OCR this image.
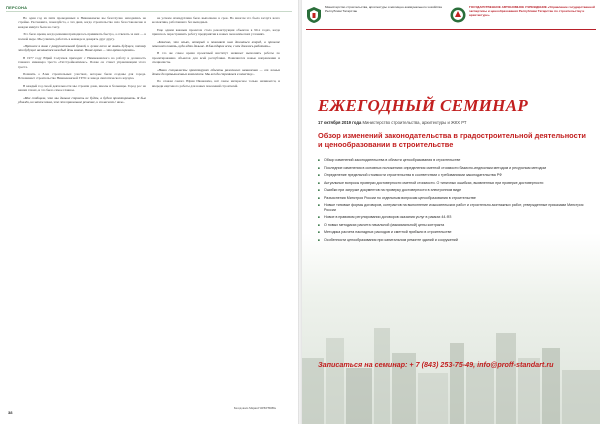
ПЕРСОНА

Но один год из пяти проведенных в Нижнекамске вы безотлучно находились на стройке. Расскажите, пожалуйста, о тех днях, когда строительство шло безостановочно и каждая минута была на счету.

Это было время, когда решения приходилось принимать быстро, а отвечать за них — в полной мере. Мы учились работать в команде и доверять друг другу.

«Прошлое я знаю с разрушительной буквой, и лучше всего не знать будущее, потому что будущее начинается каждый день заново. Наше время — это время перемен».

В 1977 году Юрий Солунчев приходит с Нижнекамского на работу в должность главного инженера треста «Татстройкомплекс». Позже он станет управляющим этого треста.

Помнить о 8-ми строительных участках, которые были созданы для города. Вспоминает строительство Нижнекамской ГРЭС и завода синтетического каучука.

В каждый год своей деятельности мы строили дома, школы и больницы. Город рос на наших глазах, и это было самое главное.

«Мне сообщили, что мы дальше строить не будем, а будем проектировать. Я был удивлён, но затем понял, что это правильное решение, и согласился с ним».

не успеем Ахмадуллина было выполнено в срок. Во многом это была заслуга всего коллектива, работавшего без выходных.

Еще одним важным проектом стала реконструкция объектов в 90-х годах, когда пришлось перестраивать работу предприятия в новых экономических условиях.

«Конечно, это опыт, который и позволяет нам двигаться вперед, а прошлое помогает понять, куда идти дальше. Я благодарен всем, с кем довелось работать».

В это же самое время проектный институт начинает выполнять работы по проектированию объектов для всей республики. Появляются новые направления и специалисты.

«Наши специалисты проектируют объекты различного назначения — от жилых домов до промышленных комплексов. Мы всегда стремимся к качеству».

По словам самого Юрия Ивановича, всё самое интересное только начинается, и впереди ещё много работы для новых поколений строителей.

Беседовала Мария ГОРБУНОВА
38
Министерство строительства, архитектуры и жилищно-коммунального хозяйства Республики Татарстан
ГОСУДАРСТВЕННОЕ АВТОНОМНОЕ УЧРЕЖДЕНИЕ «Управление государственной экспертизы и ценообразования Республики Татарстан по строительству и архитектуре»
ЕЖЕГОДНЫЙ СЕМИНАР
17 октября 2019 года Министерство строительства, архитектуры и ЖКХ РТ
Обзор изменений законодательства в градостроительной деятельности и ценообразовании в строительстве
■ Обзор изменений законодательства в области ценообразования в строительстве
■ Последние изменения в основных положениях определения сметной стоимости базисно-индексным методом и ресурсным методом
■ Определение предельной стоимости строительства в соответствии с требованиями законодательства РФ
■ Актуальные вопросы проверки достоверности сметной стоимости. О типичных ошибках, выявленных при проверке достоверности
■ Ошибки при загрузке документов на проверку достоверности в электронном виде
■ Разъяснения Минстроя России по отдельным вопросам ценообразования в строительстве
■ Новые типовые формы договоров, контрактов на выполнение изыскательских работ и строительно-монтажных работ, утвержденные приказами Минстроя России
■ Новое в правовом регулировании договоров оказания услуг в рамках 44-ФЗ
■ О новых методиках расчета начальной (максимальной) цены контракта
■ Методика расчета накладных расходов и сметной прибыли в строительстве
■ Особенности ценообразования при капитальном ремонте зданий и сооружений
Записаться на семинар: + 7 (843) 253-75-49, info@proff-standart.ru
